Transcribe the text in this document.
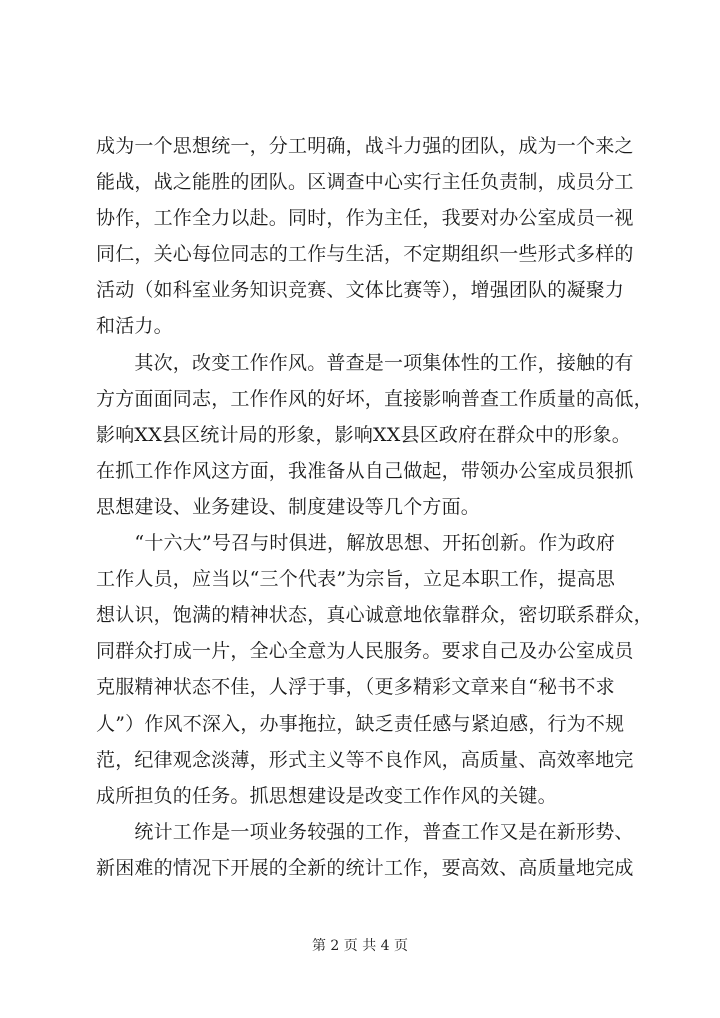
成为一个思想统一，分工明确，战斗力强的团队，成为一个来之
能战，战之能胜的团队。区调查中心实行主任负责制，成员分工
协作，工作全力以赴。同时，作为主任，我要对办公室成员一视
同仁，关心每位同志的工作与生活，不定期组织一些形式多样的
活动（如科室业务知识竞赛、文体比赛等），增强团队的凝聚力
和活力。
　　其次，改变工作作风。普查是一项集体性的工作，接触的有
方方面面同志，工作作风的好坏，直接影响普查工作质量的高低，
影响XX县区统计局的形象，影响XX县区政府在群众中的形象。
在抓工作作风这方面，我准备从自己做起，带领办公室成员狠抓
思想建设、业务建设、制度建设等几个方面。
　　“十六大”号召与时俱进，解放思想、开拓创新。作为政府
工作人员，应当以“三个代表”为宗旨，立足本职工作，提高思
想认识，饱满的精神状态，真心诚意地依靠群众，密切联系群众，
同群众打成一片，全心全意为人民服务。要求自己及办公室成员
克服精神状态不佳，人浮于事，（更多精彩文章来自“秘书不求
人”）作风不深入，办事拖拉，缺乏责任感与紧迫感，行为不规
范，纪律观念淡薄，形式主义等不良作风，高质量、高效率地完
成所担负的任务。抓思想建设是改变工作作风的关键。
　　统计工作是一项业务较强的工作，普查工作又是在新形势、
新困难的情况下开展的全新的统计工作，要高效、高质量地完成
第 2 页 共 4 页
